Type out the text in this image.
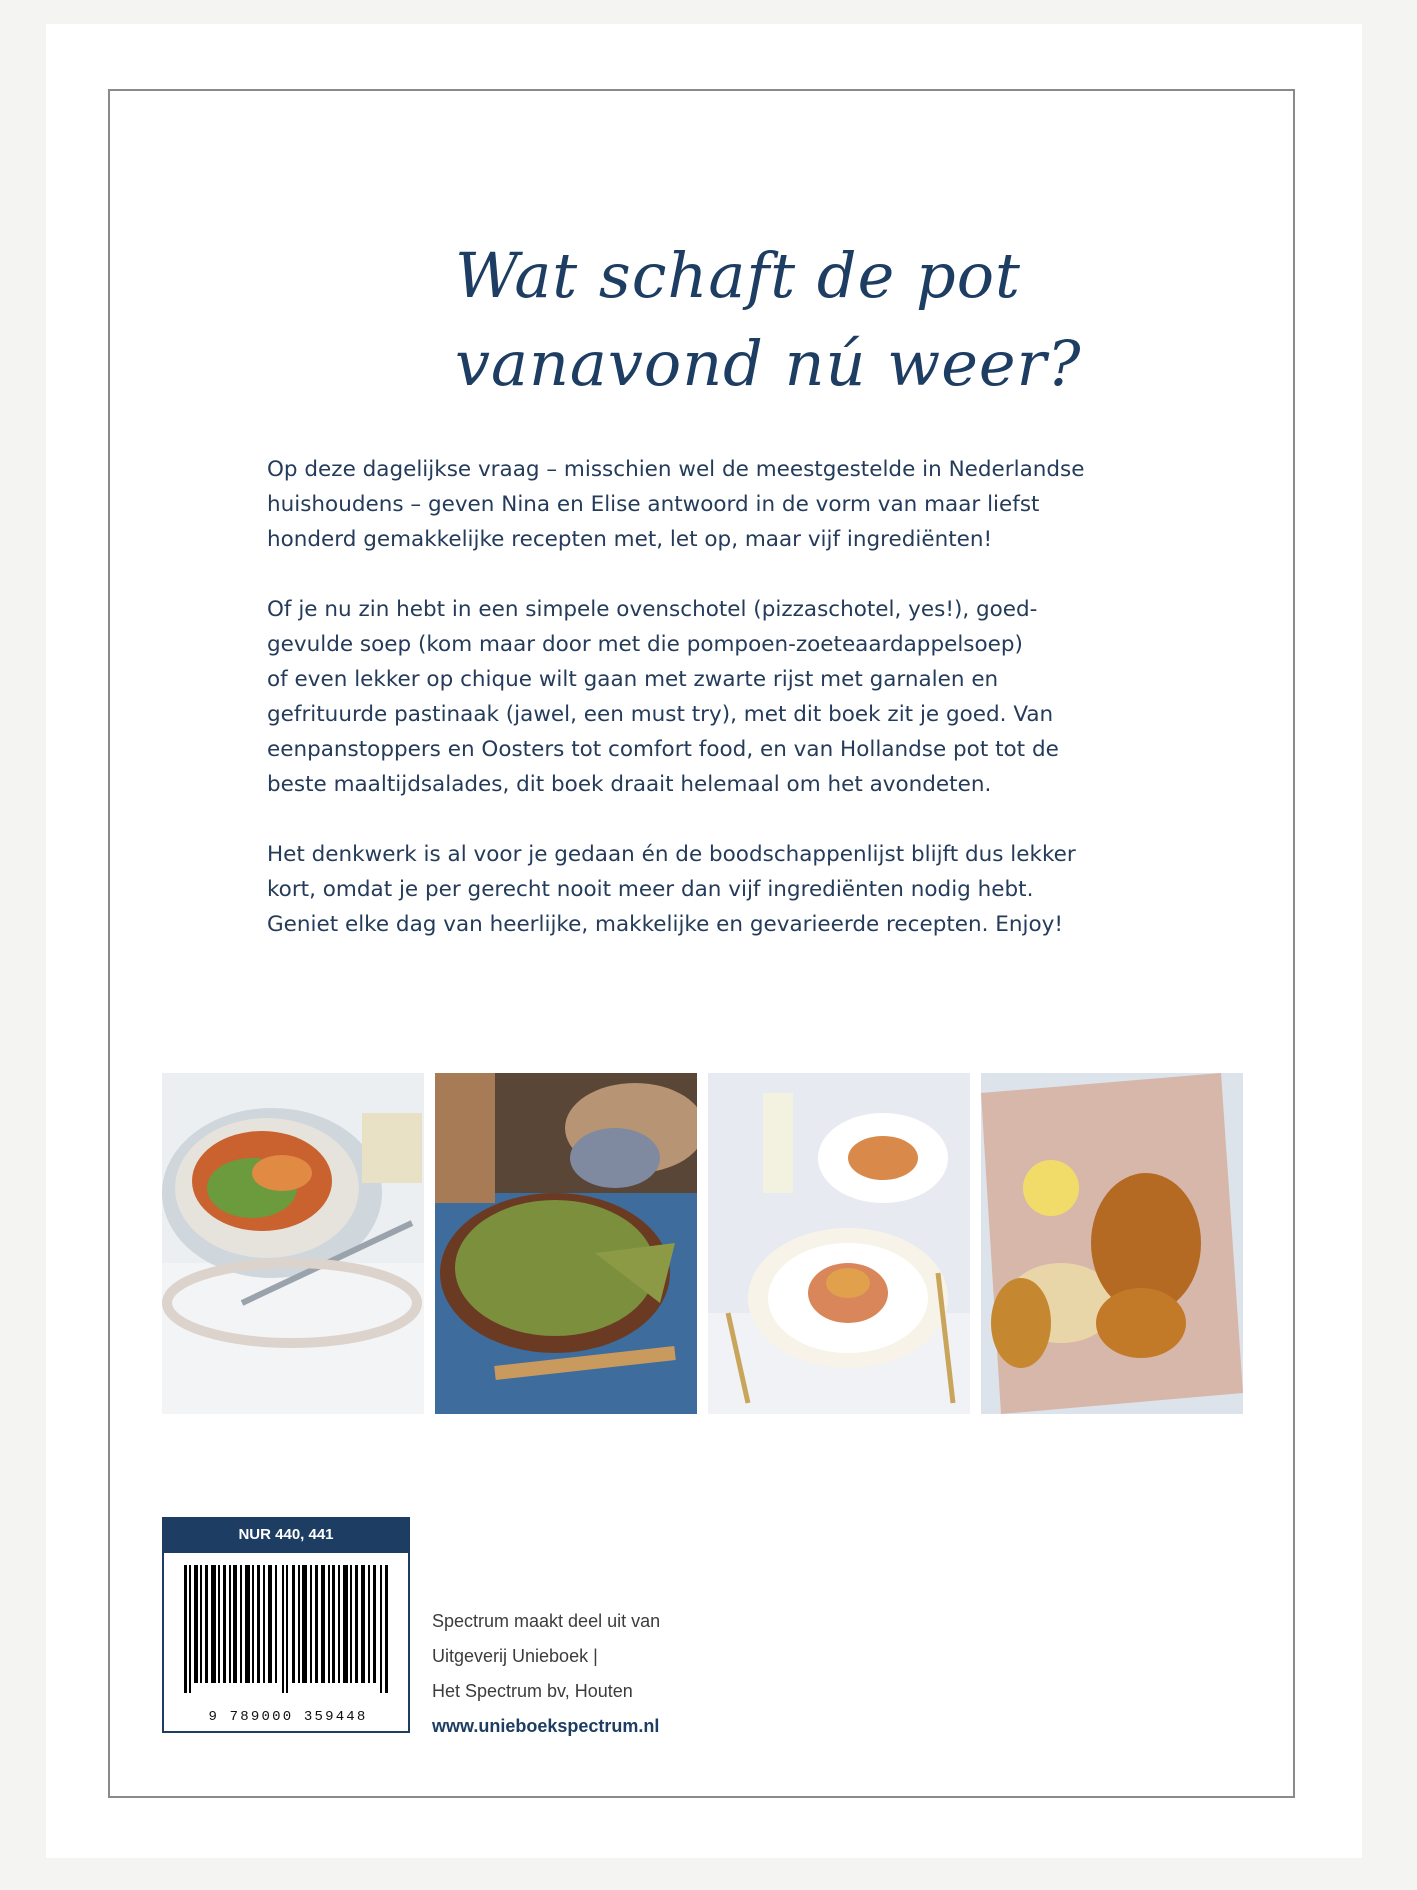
Wat schaft de pot
vanavond nú weer?

Op deze dagelijkse vraag – misschien wel de meestgestelde in Nederlandse
huishoudens – geven Nina en Elise antwoord in de vorm van maar liefst
honderd gemakkelijke recepten met, let op, maar vijf ingrediënten!

Of je nu zin hebt in een simpele ovenschotel (pizzaschotel, yes!), goed-
gevulde soep (kom maar door met die pompoen-zoeteaardappelsoep)
of even lekker op chique wilt gaan met zwarte rijst met garnalen en
gefrituurde pastinaak (jawel, een must try), met dit boek zit je goed. Van
eenpanstoppers en Oosters tot comfort food, en van Hollandse pot tot de
beste maaltijdsalades, dit boek draait helemaal om het avondeten.

Het denkwerk is al voor je gedaan én de boodschappenlijst blijft dus lekker
kort, omdat je per gerecht nooit meer dan vijf ingrediënten nodig hebt.
Geniet elke dag van heerlijke, makkelijke en gevarieerde recepten. Enjoy!

NUR 440, 441
9 789000 359448
Spectrum maakt deel uit van
Uitgeverij Unieboek |
Het Spectrum bv, Houten
www.unieboekspectrum.nl
